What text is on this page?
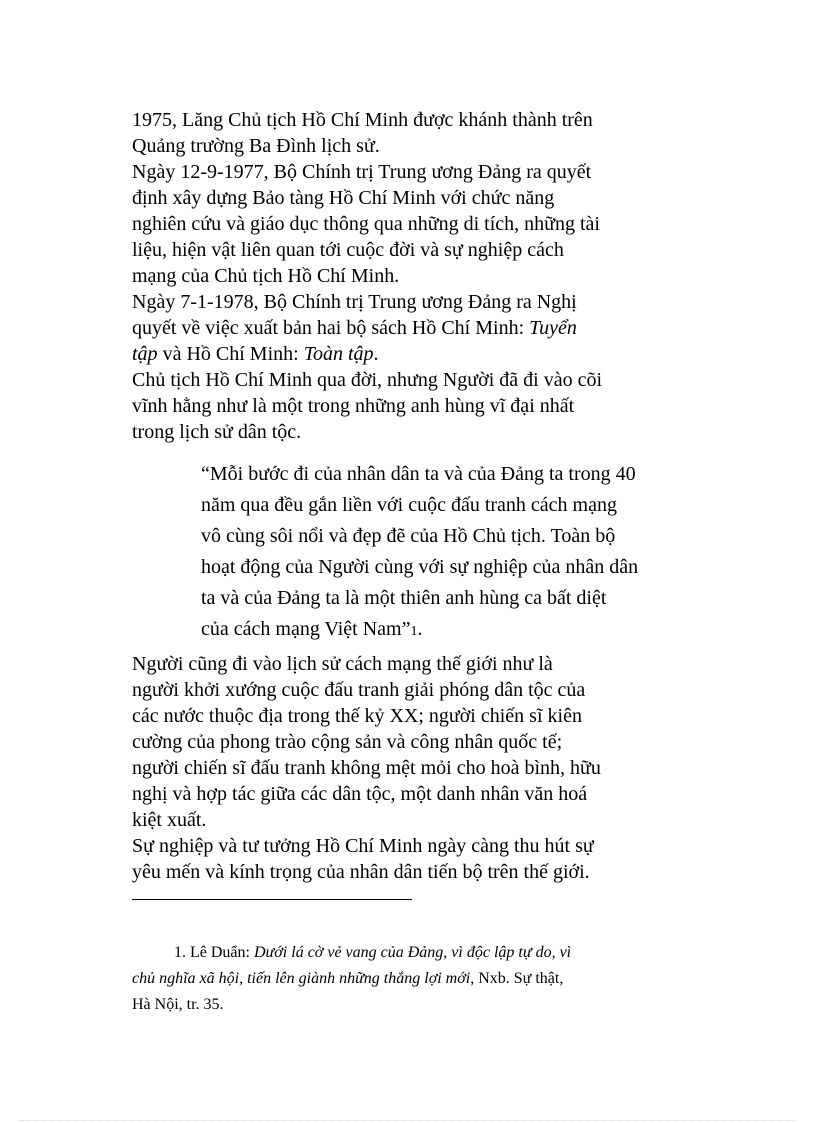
1975, Lăng Chủ tịch Hồ Chí Minh được khánh thành trên
Quảng trường Ba Đình lịch sử.

Ngày 12-9-1977, Bộ Chính trị Trung ương Đảng ra quyết
định xây dựng Bảo tàng Hồ Chí Minh với chức năng
nghiên cứu và giáo dục thông qua những di tích, những tài
liệu, hiện vật liên quan tới cuộc đời và sự nghiệp cách
mạng của Chủ tịch Hồ Chí Minh.

Ngày 7-1-1978, Bộ Chính trị Trung ương Đảng ra Nghị
quyết về việc xuất bản hai bộ sách Hồ Chí Minh: Tuyển
tập và Hồ Chí Minh: Toàn tập.

Chủ tịch Hồ Chí Minh qua đời, nhưng Người đã đi vào cõi
vĩnh hằng như là một trong những anh hùng vĩ đại nhất
trong lịch sử dân tộc.

“Mỗi bước đi của nhân dân ta và của Đảng ta trong 40
năm qua đều gắn liền với cuộc đấu tranh cách mạng
vô cùng sôi nổi và đẹp đẽ của Hồ Chủ tịch. Toàn bộ
hoạt động của Người cùng với sự nghiệp của nhân dân
ta và của Đảng ta là một thiên anh hùng ca bất diệt
của cách mạng Việt Nam”1.

Người cũng đi vào lịch sử cách mạng thế giới như là
người khởi xướng cuộc đấu tranh giải phóng dân tộc của
các nước thuộc địa trong thế kỷ XX; người chiến sĩ kiên
cường của phong trào cộng sản và công nhân quốc tế;
người chiến sĩ đấu tranh không mệt mỏi cho hoà bình, hữu
nghị và hợp tác giữa các dân tộc, một danh nhân văn hoá
kiệt xuất.

Sự nghiệp và tư tưởng Hồ Chí Minh ngày càng thu hút sự
yêu mến và kính trọng của nhân dân tiến bộ trên thế giới.

1. Lê Duẩn: Dưới lá cờ vẻ vang của Đảng, vì độc lập tự do, vì
chủ nghĩa xã hội, tiến lên giành những thắng lợi mới, Nxb. Sự thật,
Hà Nội, tr. 35.
